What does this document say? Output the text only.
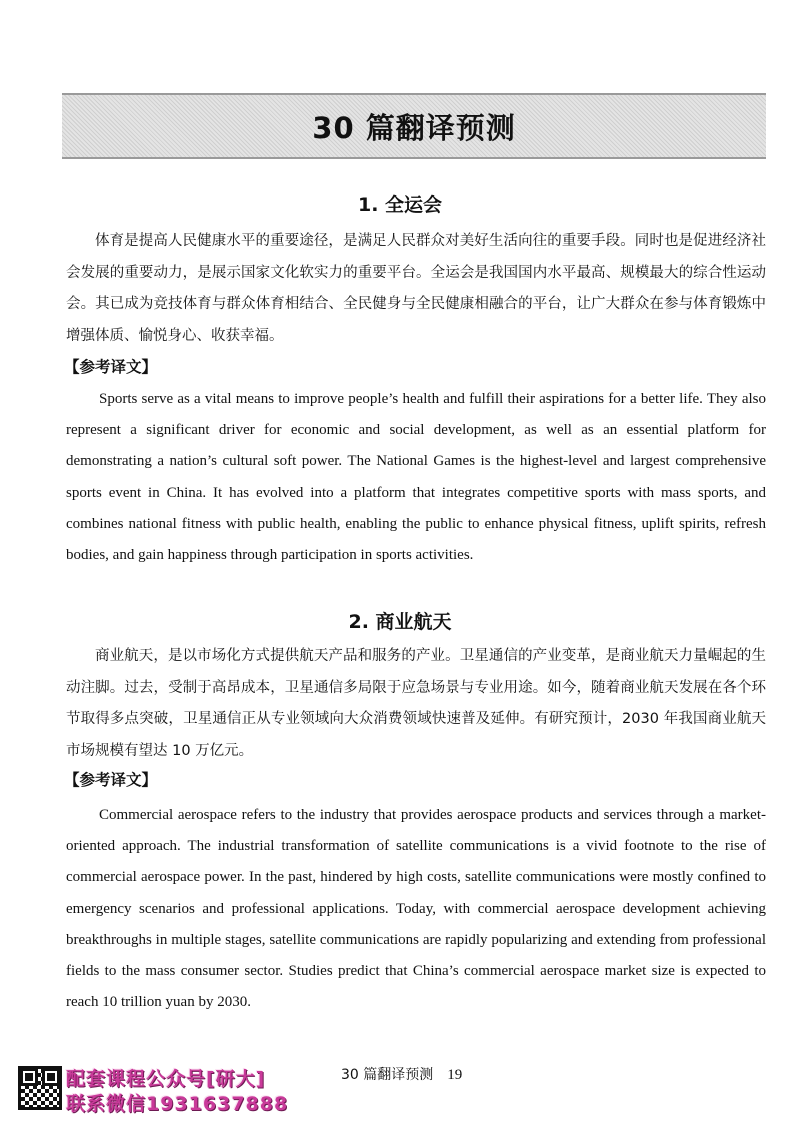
30 篇翻译预测
1. 全运会

体育是提高人民健康水平的重要途径，是满足人民群众对美好生活向往的重要手段。同时也是促进经济社会发展的重要动力，是展示国家文化软实力的重要平台。全运会是我国国内水平最高、规模最大的综合性运动会。其已成为竞技体育与群众体育相结合、全民健身与全民健康相融合的平台，让广大群众在参与体育锻炼中增强体质、愉悦身心、收获幸福。

【参考译文】

Sports serve as a vital means to improve people’s health and fulfill their aspirations for a better life. They also represent a significant driver for economic and social development, as well as an essential platform for demonstrating a nation’s cultural soft power. The National Games is the highest-level and largest comprehensive sports event in China. It has evolved into a platform that integrates competitive sports with mass sports, and combines national fitness with public health, enabling the public to enhance physical fitness, uplift spirits, refresh bodies, and gain happiness through participation in sports activities.

2. 商业航天

商业航天，是以市场化方式提供航天产品和服务的产业。卫星通信的产业变革，是商业航天力量崛起的生动注脚。过去，受制于高昂成本，卫星通信多局限于应急场景与专业用途。如今，随着商业航天发展在各个环节取得多点突破，卫星通信正从专业领域向大众消费领域快速普及延伸。有研究预计，2030 年我国商业航天市场规模有望达 10 万亿元。

【参考译文】

Commercial aerospace refers to the industry that provides aerospace products and services through a market-oriented approach. The industrial transformation of satellite communications is a vivid footnote to the rise of commercial aerospace power. In the past, hindered by high costs, satellite communications were mostly confined to emergency scenarios and professional applications. Today, with commercial aerospace development achieving breakthroughs in multiple stages, satellite communications are rapidly popularizing and extending from professional fields to the mass consumer sector. Studies predict that China’s commercial aerospace market size is expected to reach 10 trillion yuan by 2030.

配套课程公众号[研大]
联系微信1931637888
30 篇翻译预测 19
